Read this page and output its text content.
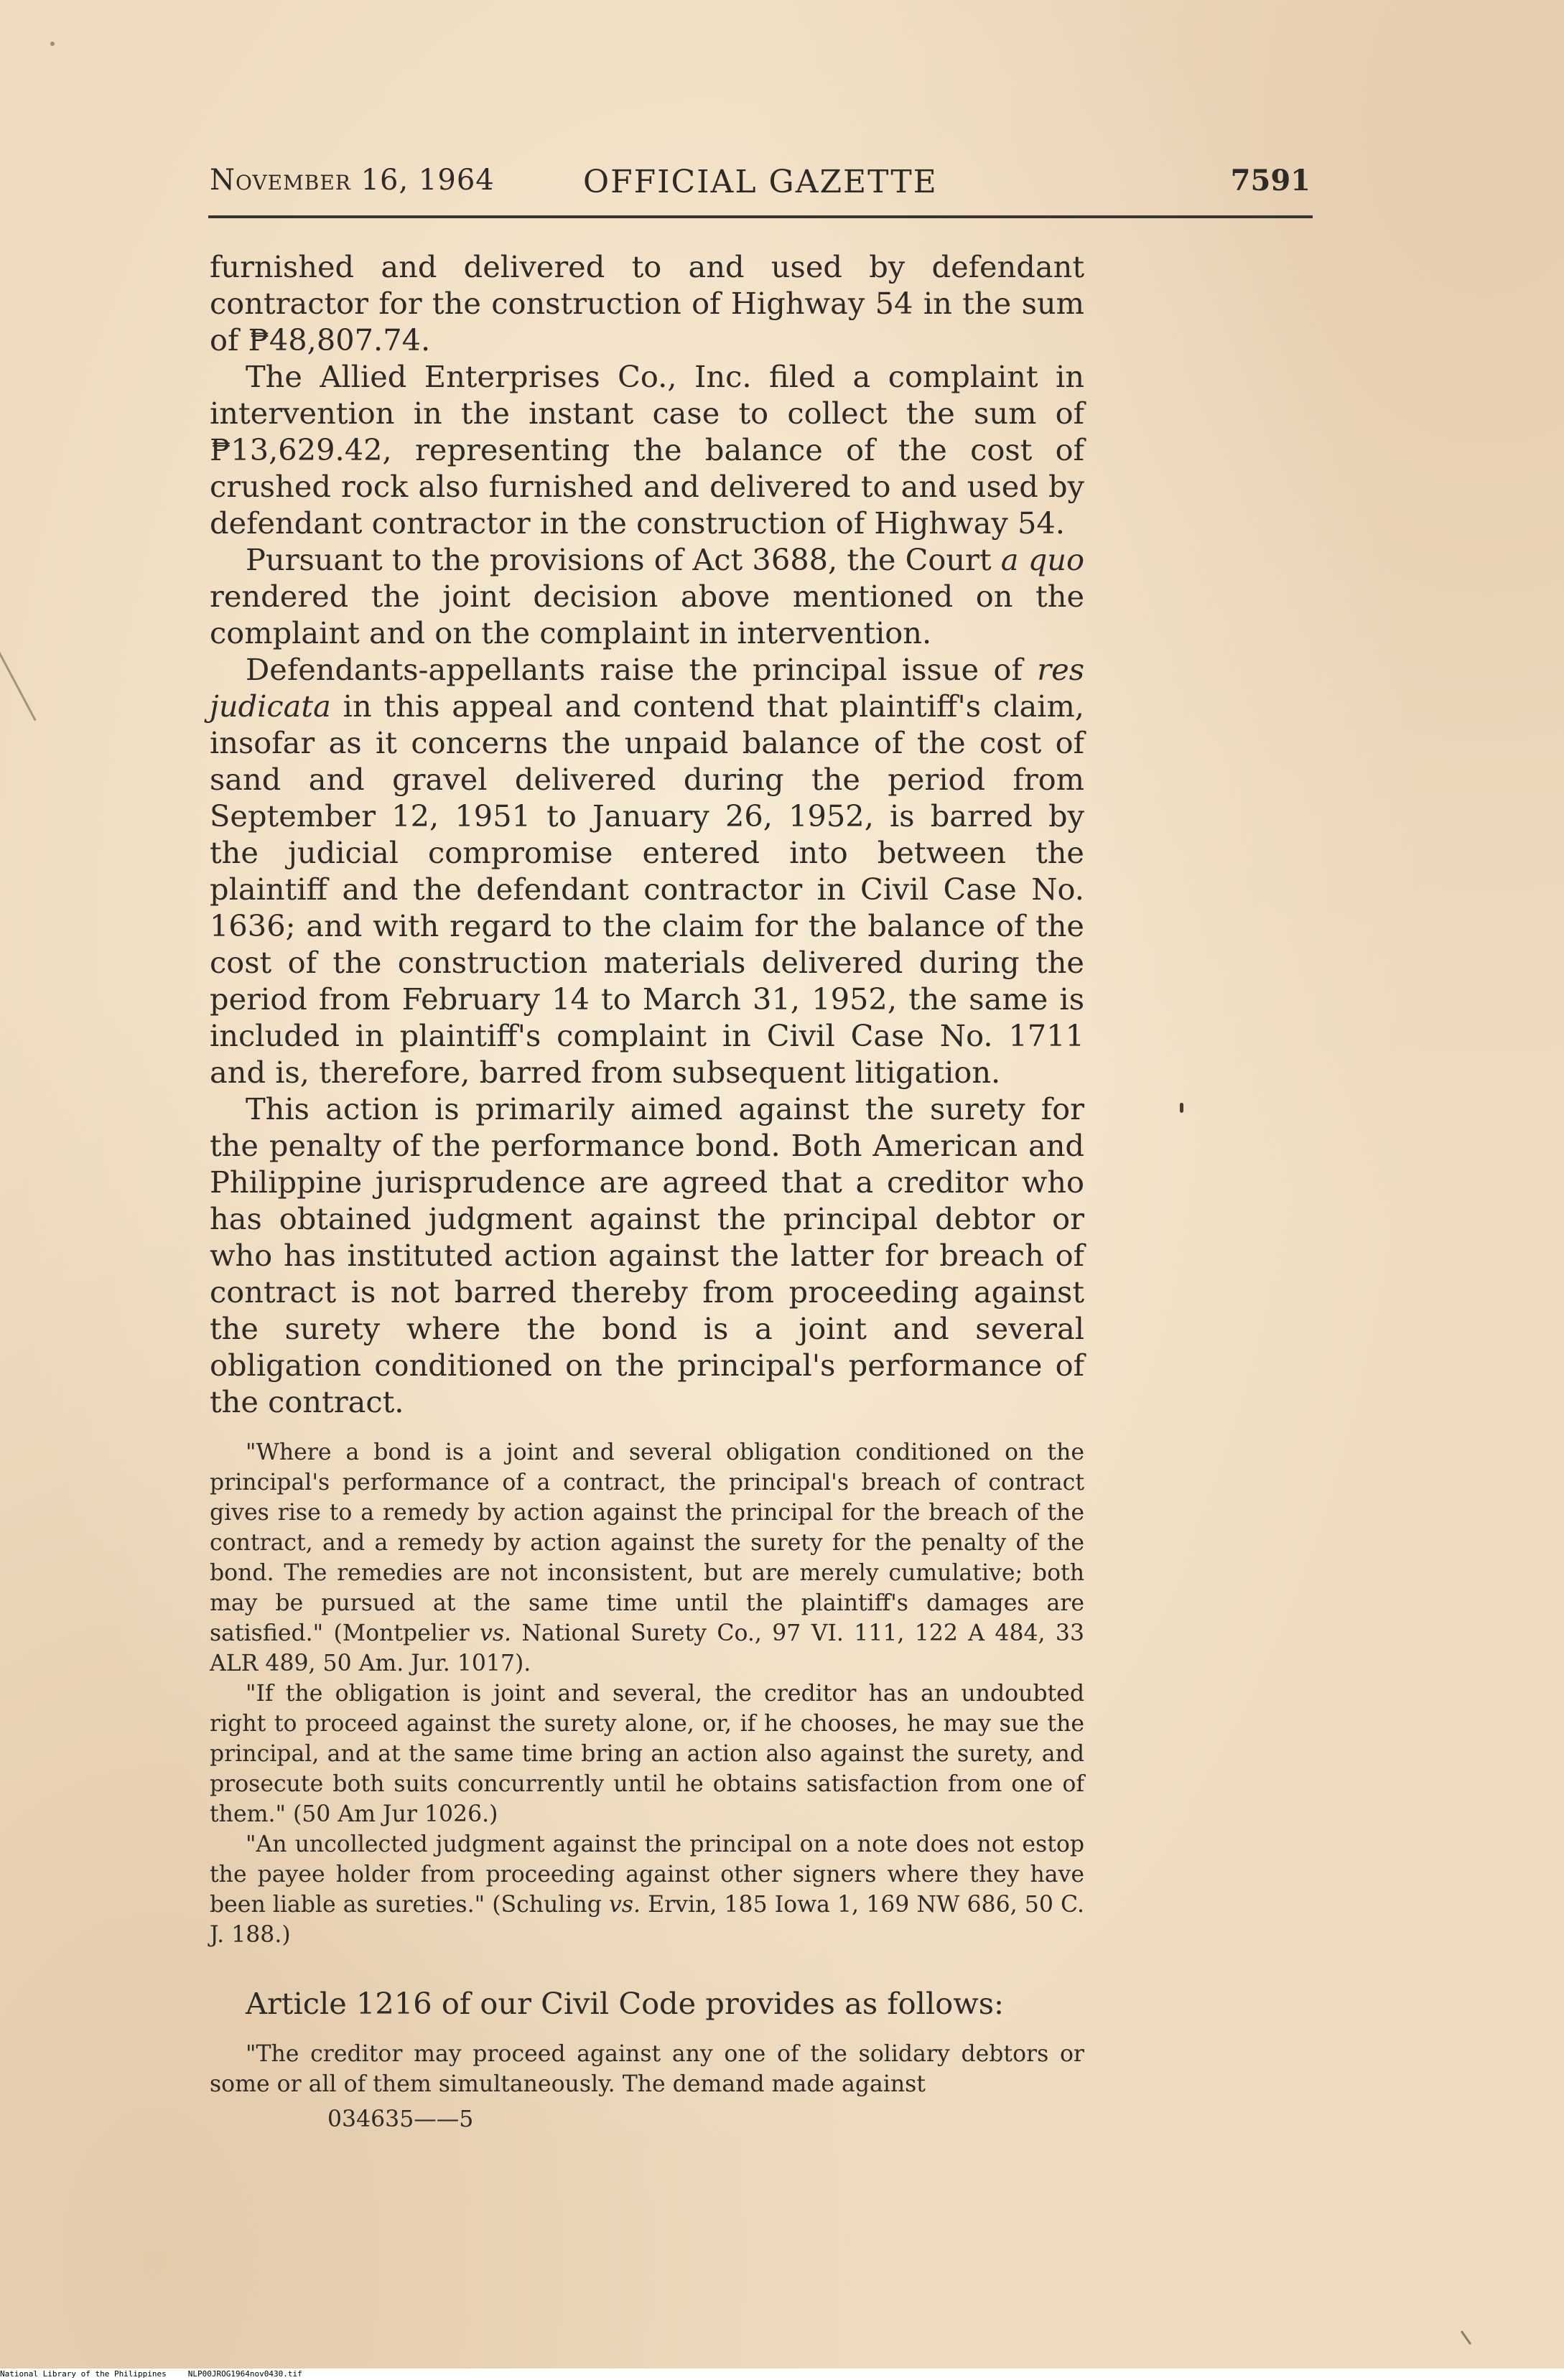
November 16, 1964	OFFICIAL GAZETTE	7591

furnished and delivered to and used by defendant contractor for the construction of Highway 54 in the sum of ₱48,807.74.

The Allied Enterprises Co., Inc. filed a complaint in intervention in the instant case to collect the sum of ₱13,629.42, representing the balance of the cost of crushed rock also furnished and delivered to and used by defendant contractor in the construction of Highway 54.

Pursuant to the provisions of Act 3688, the Court a quo rendered the joint decision above mentioned on the complaint and on the complaint in intervention.

Defendants-appellants raise the principal issue of res judicata in this appeal and contend that plaintiff's claim, insofar as it concerns the unpaid balance of the cost of sand and gravel delivered during the period from September 12, 1951 to January 26, 1952, is barred by the judicial compromise entered into between the plaintiff and the defendant contractor in Civil Case No. 1636; and with regard to the claim for the balance of the cost of the construction materials delivered during the period from February 14 to March 31, 1952, the same is included in plaintiff's complaint in Civil Case No. 1711 and is, therefore, barred from subsequent litigation.

This action is primarily aimed against the surety for the penalty of the performance bond. Both American and Philippine jurisprudence are agreed that a creditor who has obtained judgment against the principal debtor or who has instituted action against the latter for breach of contract is not barred thereby from proceeding against the surety where the bond is a joint and several obligation conditioned on the principal's performance of the contract.

"Where a bond is a joint and several obligation conditioned on the principal's performance of a contract, the principal's breach of contract gives rise to a remedy by action against the principal for the breach of the contract, and a remedy by action against the surety for the penalty of the bond. The remedies are not inconsistent, but are merely cumulative; both may be pursued at the same time until the plaintiff's damages are satisfied." (Montpelier vs. National Surety Co., 97 VI. 111, 122 A 484, 33 ALR 489, 50 Am. Jur. 1017).

"If the obligation is joint and several, the creditor has an undoubted right to proceed against the surety alone, or, if he chooses, he may sue the principal, and at the same time bring an action also against the surety, and prosecute both suits concurrently until he obtains satisfaction from one of them." (50 Am Jur 1026.)

"An uncollected judgment against the principal on a note does not estop the payee holder from proceeding against other signers where they have been liable as sureties." (Schuling vs. Ervin, 185 Iowa 1, 169 NW 686, 50 C. J. 188.)

Article 1216 of our Civil Code provides as follows:

"The creditor may proceed against any one of the solidary debtors or some or all of them simultaneously. The demand made against

034635——5
National Library of the Philippines	NLP00JROG1964nov0430.tif
